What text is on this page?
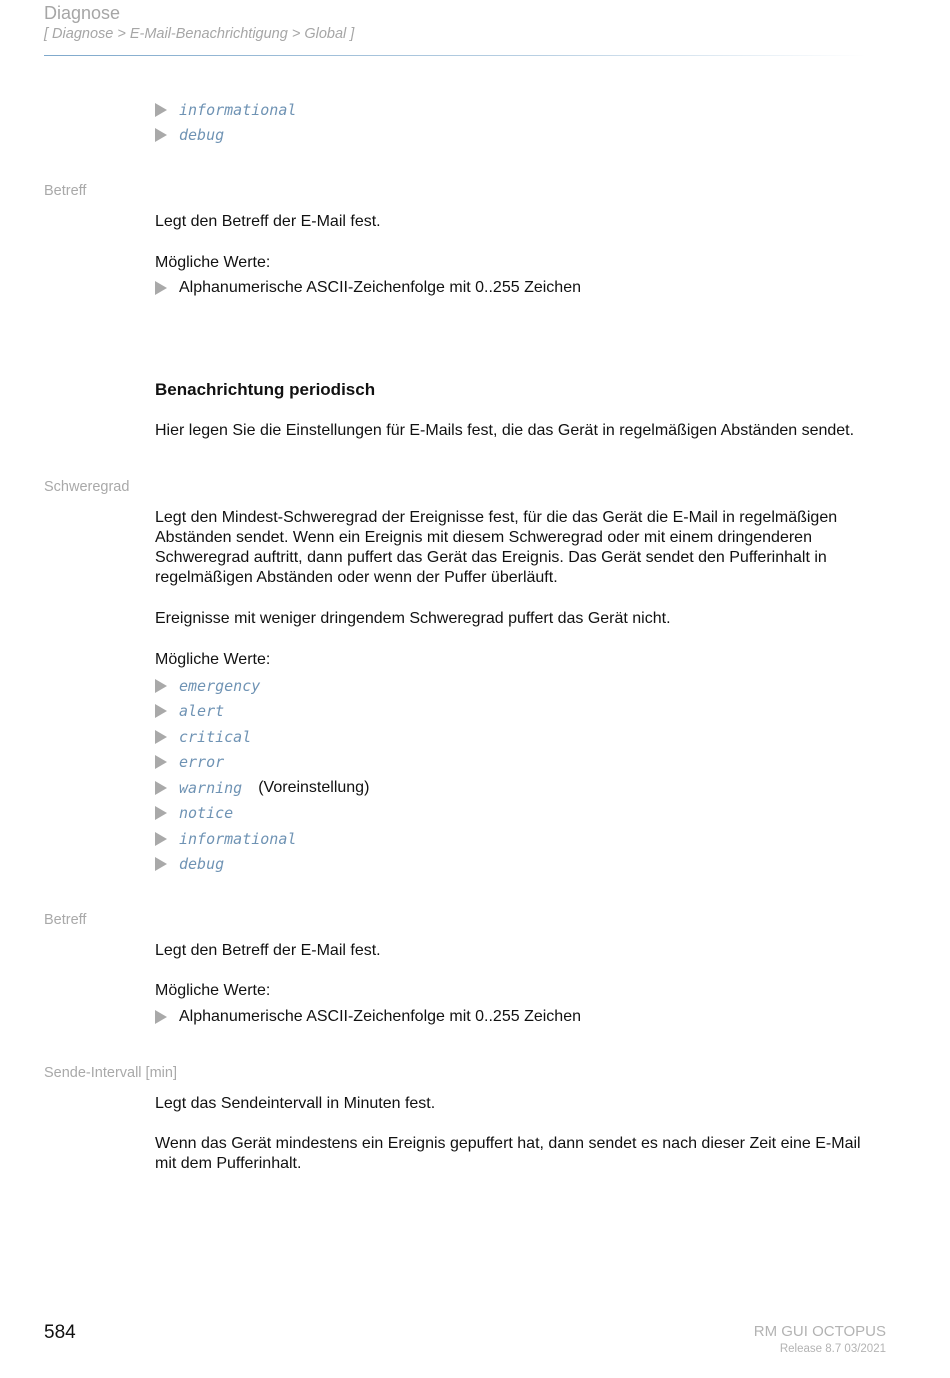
Diagnose
[ Diagnose > E-Mail-Benachrichtigung > Global ]
informational
debug
Betreff
Legt den Betreff der E-Mail fest.
Mögliche Werte:
Alphanumerische ASCII-Zeichenfolge mit 0..255 Zeichen
Benachrichtung periodisch
Hier legen Sie die Einstellungen für E-Mails fest, die das Gerät in regelmäßigen Abständen sendet.
Schweregrad
Legt den Mindest-Schweregrad der Ereignisse fest, für die das Gerät die E-Mail in regelmäßigen Abständen sendet. Wenn ein Ereignis mit diesem Schweregrad oder mit einem dringenderen Schweregrad auftritt, dann puffert das Gerät das Ereignis. Das Gerät sendet den Pufferinhalt in regelmäßigen Abständen oder wenn der Puffer überläuft.
Ereignisse mit weniger dringendem Schweregrad puffert das Gerät nicht.
Mögliche Werte:
emergency
alert
critical
error
warning (Voreinstellung)
notice
informational
debug
Betreff
Legt den Betreff der E-Mail fest.
Mögliche Werte:
Alphanumerische ASCII-Zeichenfolge mit 0..255 Zeichen
Sende-Intervall [min]
Legt das Sendeintervall in Minuten fest.
Wenn das Gerät mindestens ein Ereignis gepuffert hat, dann sendet es nach dieser Zeit eine E-Mail mit dem Pufferinhalt.
584	RM GUI OCTOPUS
Release 8.7 03/2021
